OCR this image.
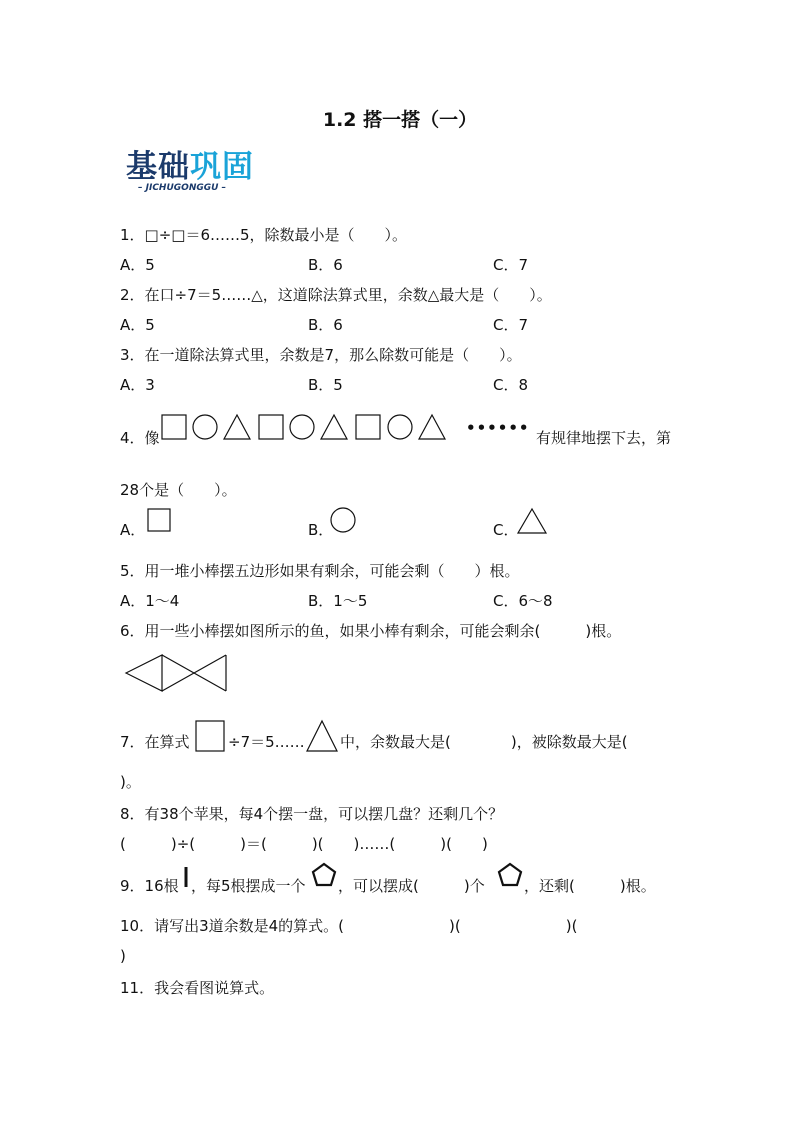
1.2 搭一搭（一）
基础巩固
– JICHUGONGGU –
1．□÷□＝6……5，除数最小是（　　）。
A．5	B．6	C．7
2．在口÷7＝5……△，这道除法算式里，余数△最大是（　　）。
A．5	B．6	C．7
3．在一道除法算式里，余数是7，那么除数可能是（　　）。
A．3	B．5	C．8
4．像
••••••
有规律地摆下去，第
28个是（　　）。
A．	B．	C．
5．用一堆小棒摆五边形如果有剩余，可能会剩（　　）根。
A．1～4	B．1～5	C．6～8
6．用一些小棒摆如图所示的鱼，如果小棒有剩余，可能会剩余(　　　)根。
7．在算式	÷7＝5…… 中，余数最大是(　　　　)，被除数最大是(
)。
8．有38个苹果，每4个摆一盘，可以摆几盘？还剩几个？
(　　　)÷(　　　)＝(　　　)(　　)……(　　　)(　　)
9．16根 ，每5根摆成一个 ，可以摆成(　　　)个	，还剩(　　　)根。
10．请写出3道余数是4的算式。(　　　　　　　)(　　　　　　　)(
)
11．我会看图说算式。
